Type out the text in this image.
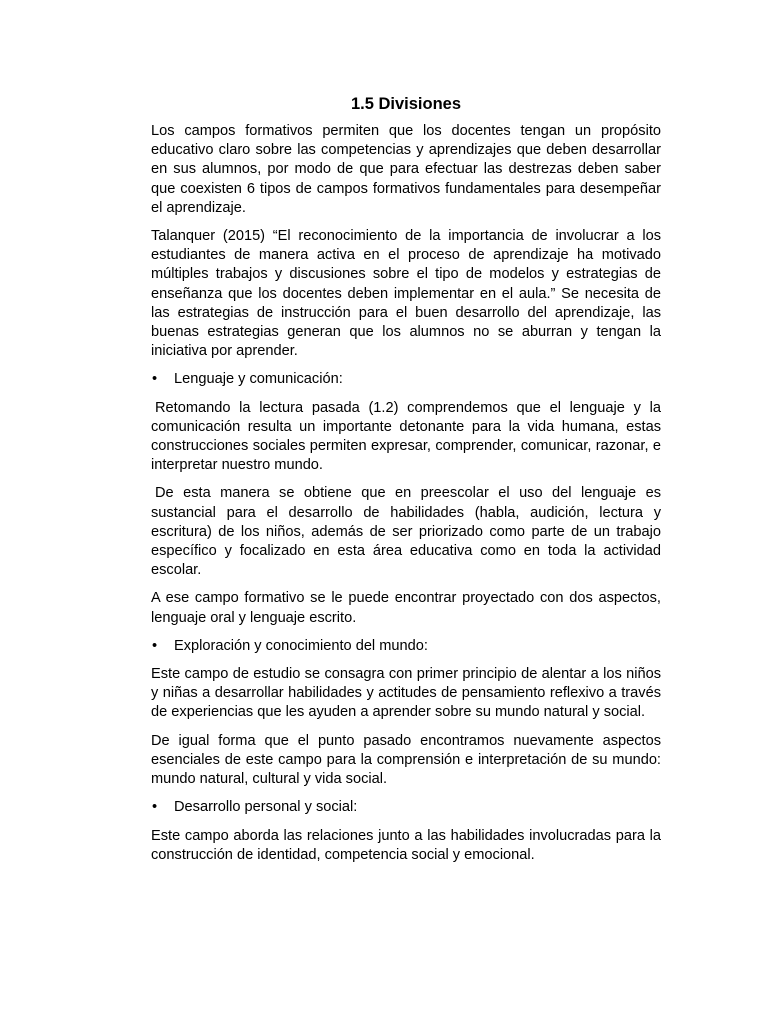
1.5 Divisiones

Los campos formativos permiten que los docentes tengan un propósito educativo claro sobre las competencias y aprendizajes que deben desarrollar en sus alumnos, por modo de que para efectuar las destrezas deben saber que coexisten 6 tipos de campos formativos fundamentales para desempeñar el aprendizaje.

Talanquer (2015) “El reconocimiento de la importancia de involucrar a los estudiantes de manera activa en el proceso de aprendizaje ha motivado múltiples trabajos y discusiones sobre el tipo de modelos y estrategias de enseñanza que los docentes deben implementar en el aula.” Se necesita de las estrategias de instrucción para el buen desarrollo del aprendizaje, las buenas estrategias generan que los alumnos no se aburran y tengan la iniciativa por aprender.

•	Lenguaje y comunicación:

Retomando la lectura pasada (1.2) comprendemos que el lenguaje y la comunicación resulta un importante detonante para la vida humana, estas construcciones sociales permiten expresar, comprender, comunicar, razonar, e interpretar nuestro mundo.

De esta manera se obtiene que en preescolar el uso del lenguaje es sustancial para el desarrollo de habilidades (habla, audición, lectura y escritura) de los niños, además de ser priorizado como parte de un trabajo específico y focalizado en esta área educativa como en toda la actividad escolar.

A ese campo formativo se le puede encontrar proyectado con dos aspectos, lenguaje oral y lenguaje escrito.

•	Exploración y conocimiento del mundo:

Este campo de estudio se consagra con primer principio de alentar a los niños y niñas a desarrollar habilidades y actitudes de pensamiento reflexivo a través de experiencias que les ayuden a aprender sobre su mundo natural y social.

De igual forma que el punto pasado encontramos nuevamente aspectos esenciales de este campo para la comprensión e interpretación de su mundo: mundo natural, cultural y vida social.

•	Desarrollo personal y social:

Este campo aborda las relaciones junto a las habilidades involucradas para la construcción de identidad, competencia social y emocional.
